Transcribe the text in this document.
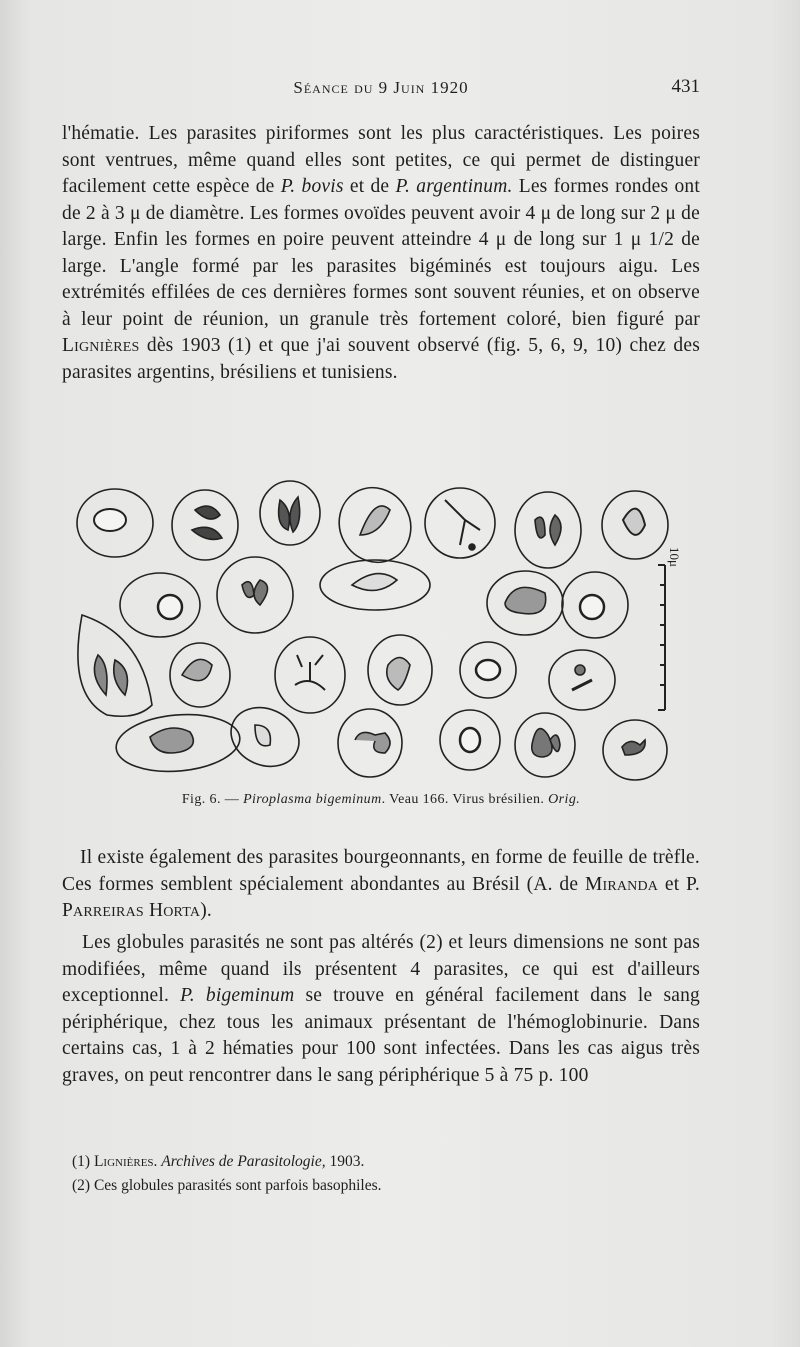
Séance du 9 Juin 1920	431
l'hématie. Les parasites piriformes sont les plus caractéristiques. Les poires sont ventrues, même quand elles sont petites, ce qui permet de distinguer facilement cette espèce de P. bovis et de P. argentinum. Les formes rondes ont de 2 à 3 μ de diamètre. Les formes ovoïdes peuvent avoir 4 μ de long sur 2 μ de large. Enfin les formes en poire peuvent atteindre 4 μ de long sur 1 μ 1/2 de large. L'angle formé par les parasites bigéminés est toujours aigu. Les extrémités effilées de ces dernières formes sont souvent réunies, et on observe à leur point de réunion, un granule très fortement coloré, bien figuré par Lignières dès 1903 (1) et que j'ai souvent observé (fig. 5, 6, 9, 10) chez des parasites argentins, brésiliens et tunisiens.
10μ
Fig. 6. — Piroplasma bigeminum. Veau 166. Virus brésilien. Orig.
Il existe également des parasites bourgeonnants, en forme de feuille de trèfle. Ces formes semblent spécialement abondantes au Brésil (A. de Miranda et P. Parreiras Horta).
Les globules parasités ne sont pas altérés (2) et leurs dimensions ne sont pas modifiées, même quand ils présentent 4 parasites, ce qui est d'ailleurs exceptionnel. P. bigeminum se trouve en général facilement dans le sang périphérique, chez tous les animaux présentant de l'hémoglobinurie. Dans certains cas, 1 à 2 hématies pour 100 sont infectées. Dans les cas aigus très graves, on peut rencontrer dans le sang périphérique 5 à 75 p. 100
(1) Lignières. Archives de Parasitologie, 1903.
(2) Ces globules parasités sont parfois basophiles.
